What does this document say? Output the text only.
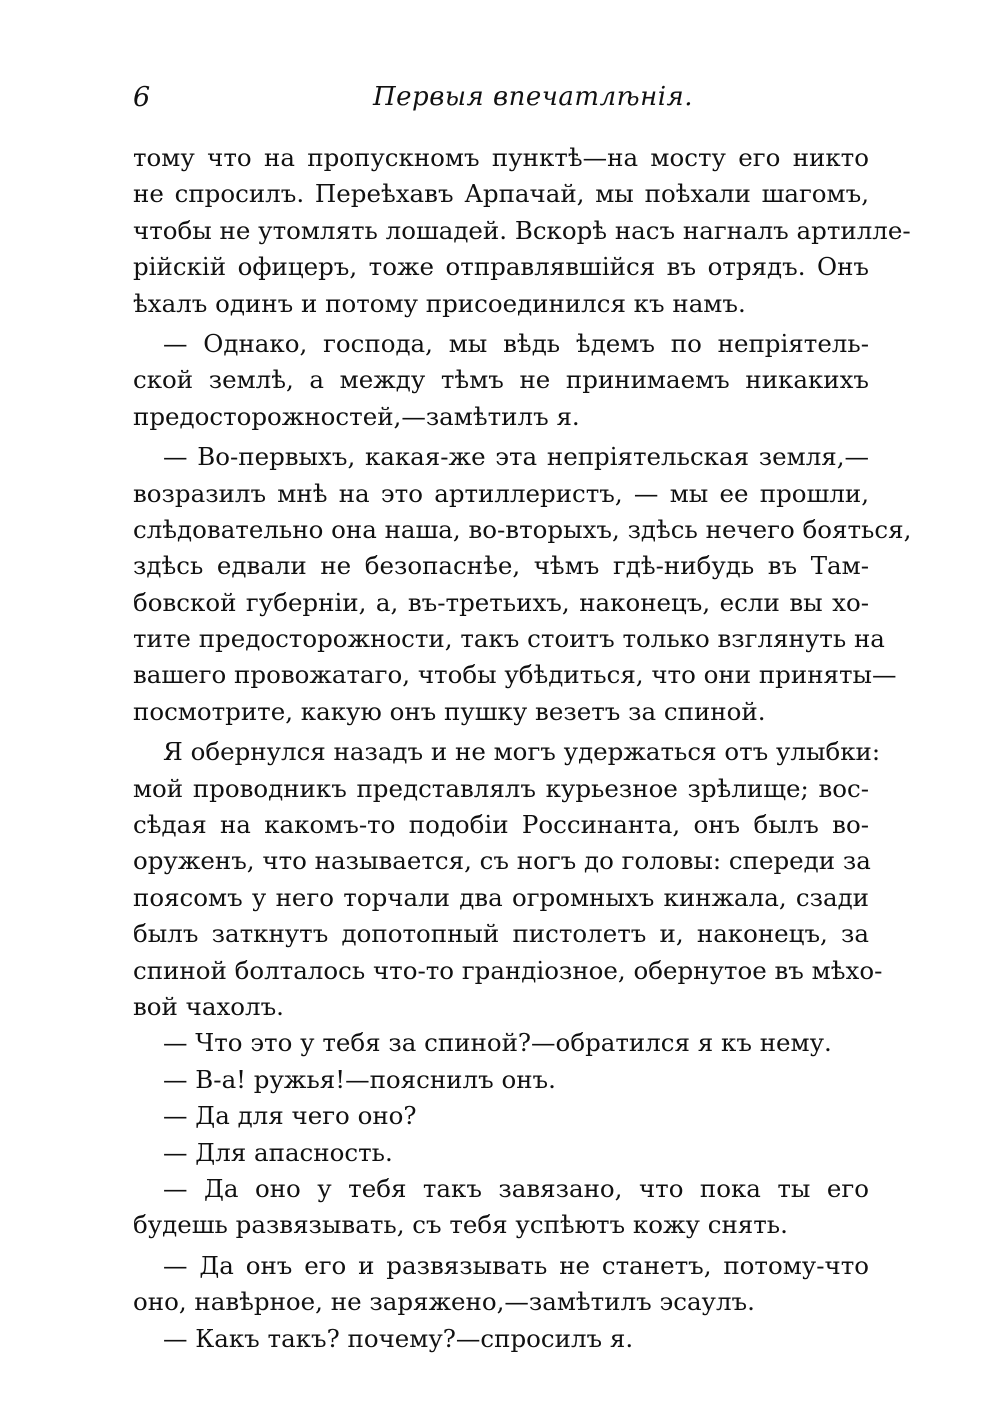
6	Первыя впечатлѣнія.
тому что на пропускномъ пунктѣ—на мосту его никто
не спросилъ. Переѣхавъ Арпачай, мы поѣхали шагомъ,
чтобы не утомлять лошадей. Вскорѣ насъ нагналъ артилле-
рійскій офицеръ, тоже отправлявшійся въ отрядъ. Онъ
ѣхалъ одинъ и потому присоединился къ намъ.
— Однако, господа, мы вѣдь ѣдемъ по непріятель-
ской землѣ, а между тѣмъ не принимаемъ никакихъ
предосторожностей,—замѣтилъ я.
— Во-первыхъ, какая-же эта непріятельская земля,—
возразилъ мнѣ на это артиллеристъ, — мы ее прошли,
слѣдовательно она наша, во-вторыхъ, здѣсь нечего бояться,
здѣсь едвали не безопаснѣе, чѣмъ гдѣ-нибудь въ Там-
бовской губерніи, а, въ-третьихъ, наконецъ, если вы хо-
тите предосторожности, такъ стоитъ только взглянуть на
вашего провожатаго, чтобы убѣдиться, что они приняты—
посмотрите, какую онъ пушку везетъ за спиной.
Я обернулся назадъ и не могъ удержаться отъ улыбки:
мой проводникъ представлялъ курьезное зрѣлище; вос-
сѣдая на какомъ-то подобіи Россинанта, онъ былъ во-
оруженъ, что называется, съ ногъ до головы: спереди за
поясомъ у него торчали два огромныхъ кинжала, сзади
былъ заткнутъ допотопный пистолетъ и, наконецъ, за
спиной болталось что-то грандіозное, обернутое въ мѣхо-
вой чахолъ.
— Что это у тебя за спиной?—обратился я къ нему.
— В-а! ружья!—пояснилъ онъ.
— Да для чего оно?
— Для апасность.
— Да оно у тебя такъ завязано, что пока ты его
будешь развязывать, съ тебя успѣютъ кожу снять.
— Да онъ его и развязывать не станетъ, потому-что
оно, навѣрное, не заряжено,—замѣтилъ эсаулъ.
— Какъ такъ? почему?—спросилъ я.
